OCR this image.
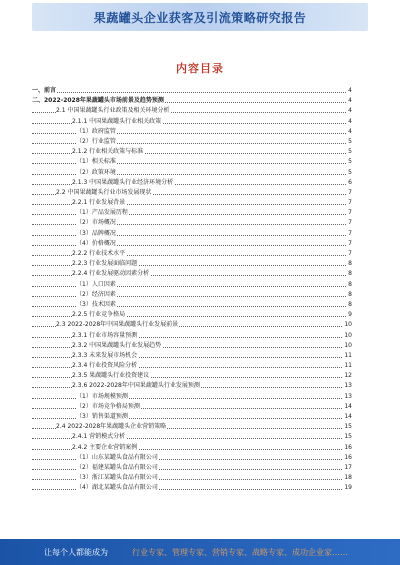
果蔬罐头企业获客及引流策略研究报告
内容目录
一、前言	4
二、2022-2028年果蔬罐头市场前景及趋势预测	4
2.1 中国果蔬罐头行业政策及相关环境分析	4
2.1.1 中国果蔬罐头行业相关政策	4
（1）政府监管	4
（2）行业监管	5
2.1.2 行业相关政策与标准	5
（1）相关标准	5
（2）政策环境	5
2.1.3 中国果蔬罐头行业经济环境分析	6
2.2 中国果蔬罐头行业市场发展现状	7
2.2.1 行业发展背景	7
（1）产品发展历程	7
（2）市场概况	7
（3）品牌概况	7
（4）价格概况	7
2.2.2 行业技术水平	7
2.2.3 行业发展面临问题	8
2.2.4 行业发展驱动因素分析	8
（1）人口因素	8
（2）经济因素	8
（3）技术因素	8
2.2.5 行业竞争格局	9
2.3 2022-2028年中国果蔬罐头行业发展前景	10
2.3.1 行业市场容量预测	10
2.3.2 中国果蔬罐头行业发展趋势	10
2.3.3 未来发展市场机会	11
2.3.4 行业投资风险分析	11
2.3.5 果蔬罐头行业投资建议	12
2.3.6 2022-2028年中国果蔬罐头行业发展预测	13
（1）市场规模预测	13
（2）市场竞争格局预测	14
（3）销售渠道预测	14
2.4 2022-2028年果蔬罐头企业营销策略	15
2.4.1 营销模式分析	15
2.4.2 主要企业营销案例	16
（1）山东某罐头食品有限公司	16
（2）福建某罐头食品有限公司	17
（3）浙江某罐头食品有限公司	18
（4）湖北某罐头食品有限公司	19
让每个人都能成为	行业专家、管理专家、营销专家、战略专家、成功企业家……
